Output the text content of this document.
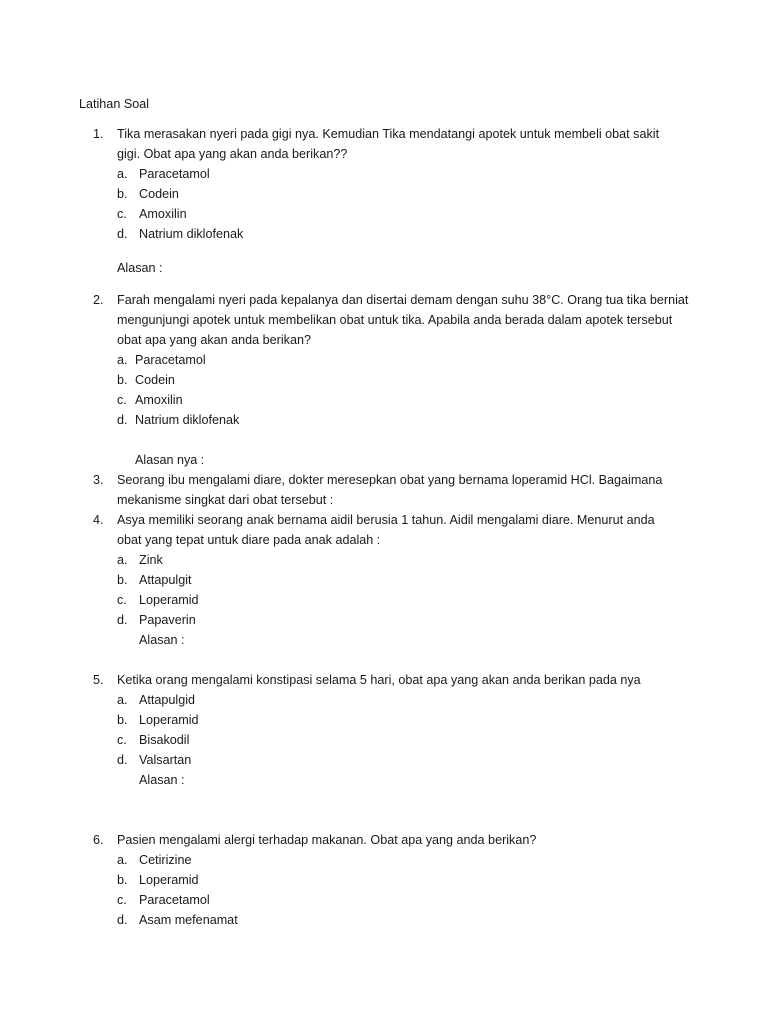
Latihan Soal
1. Tika merasakan nyeri pada gigi nya. Kemudian Tika mendatangi apotek untuk membeli obat sakit gigi. Obat apa yang akan anda berikan??
a. Paracetamol
b. Codein
c. Amoxilin
d. Natrium diklofenak
Alasan :
2. Farah mengalami nyeri pada kepalanya dan disertai demam dengan suhu 38°C. Orang tua tika berniat mengunjungi apotek untuk membelikan obat untuk tika. Apabila anda berada dalam apotek tersebut obat apa yang akan anda berikan?
a. Paracetamol
b. Codein
c. Amoxilin
d. Natrium diklofenak
Alasan nya :
3. Seorang ibu mengalami diare, dokter meresepkan obat yang bernama loperamid HCl. Bagaimana mekanisme singkat dari obat tersebut :
4. Asya memiliki seorang anak bernama aidil berusia 1 tahun. Aidil mengalami diare. Menurut anda obat yang tepat untuk diare pada anak adalah :
a. Zink
b. Attapulgit
c. Loperamid
d. Papaverin
Alasan :
5. Ketika orang mengalami konstipasi selama 5 hari, obat apa yang akan anda berikan pada nya
a. Attapulgid
b. Loperamid
c. Bisakodil
d. Valsartan
Alasan :
6. Pasien mengalami alergi terhadap makanan. Obat apa yang anda berikan?
a. Cetirizine
b. Loperamid
c. Paracetamol
d. Asam mefenamat
